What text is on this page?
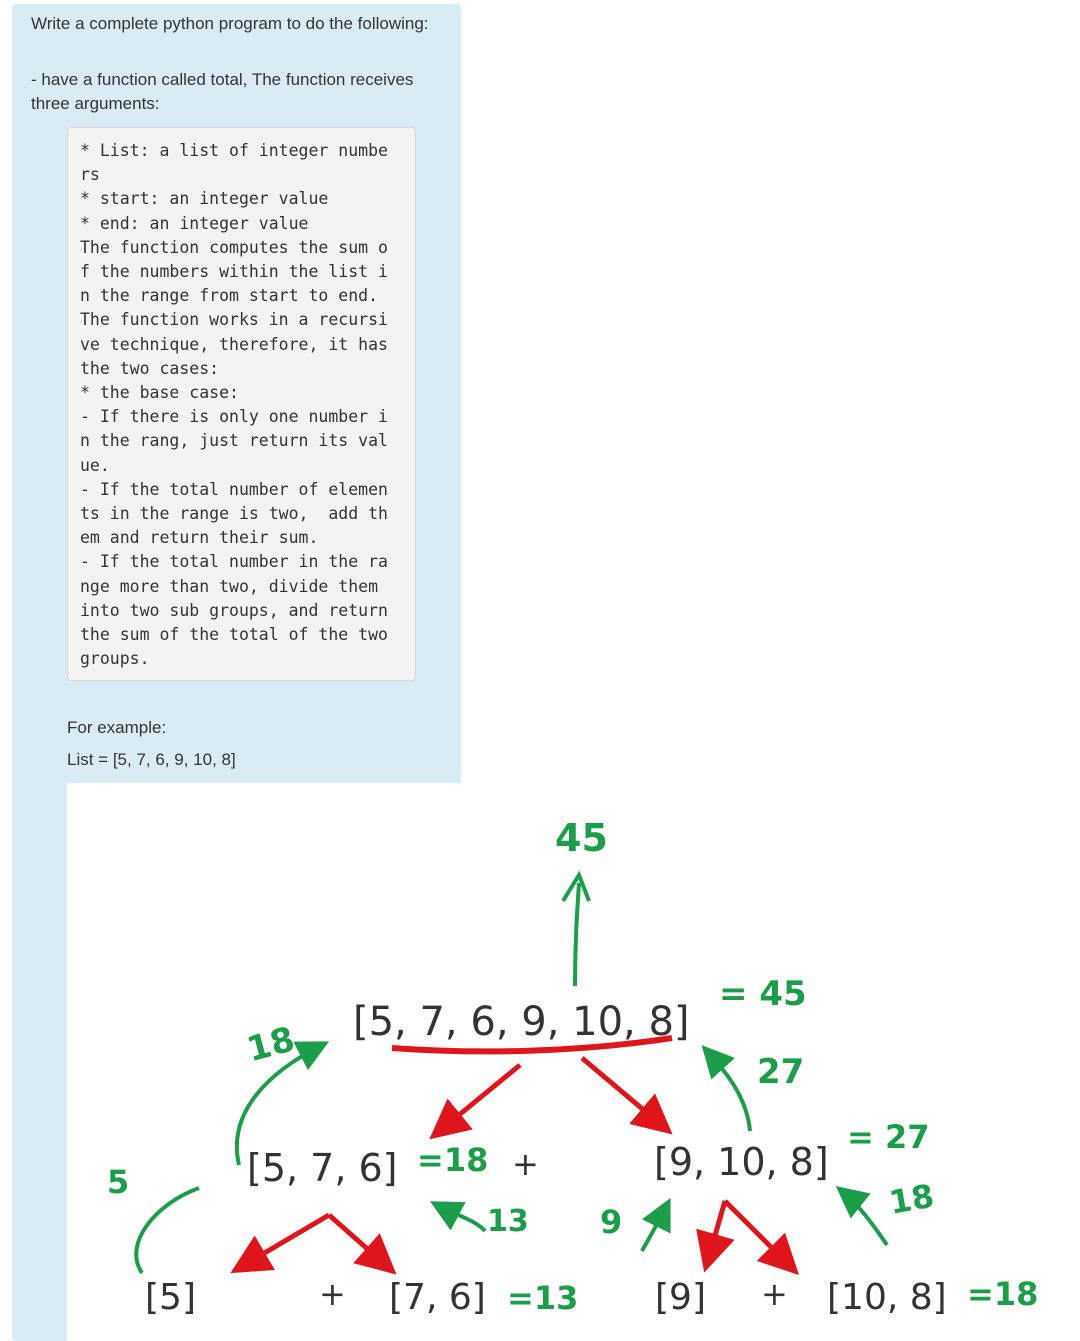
Write a complete python program to do the following:

- have a function called total, The function receives three arguments:

* List: a list of integer numbe
rs
* start: an integer value
* end: an integer value
The function computes the sum o
f the numbers within the list i
n the range from start to end.
The function works in a recursi
ve technique, therefore, it has
the two cases:
* the base case:
- If there is only one number i
n the rang, just return its val
ue.
- If the total number of elemen
ts in the range is two,  add th
em and return their sum.
- If the total number in the ra
nge more than two, divide them
into two sub groups, and return
the sum of the total of the two
groups.

For example:

List = [5, 7, 6, 9, 10, 8]

45
[5, 7, 6, 9, 10, 8]
= 45
18
27
[5, 7, 6] =18 +	[9, 10, 8]
= 27
5
13 9
18
[5]	+ [7, 6] =13 [9] + [10, 8] =18
